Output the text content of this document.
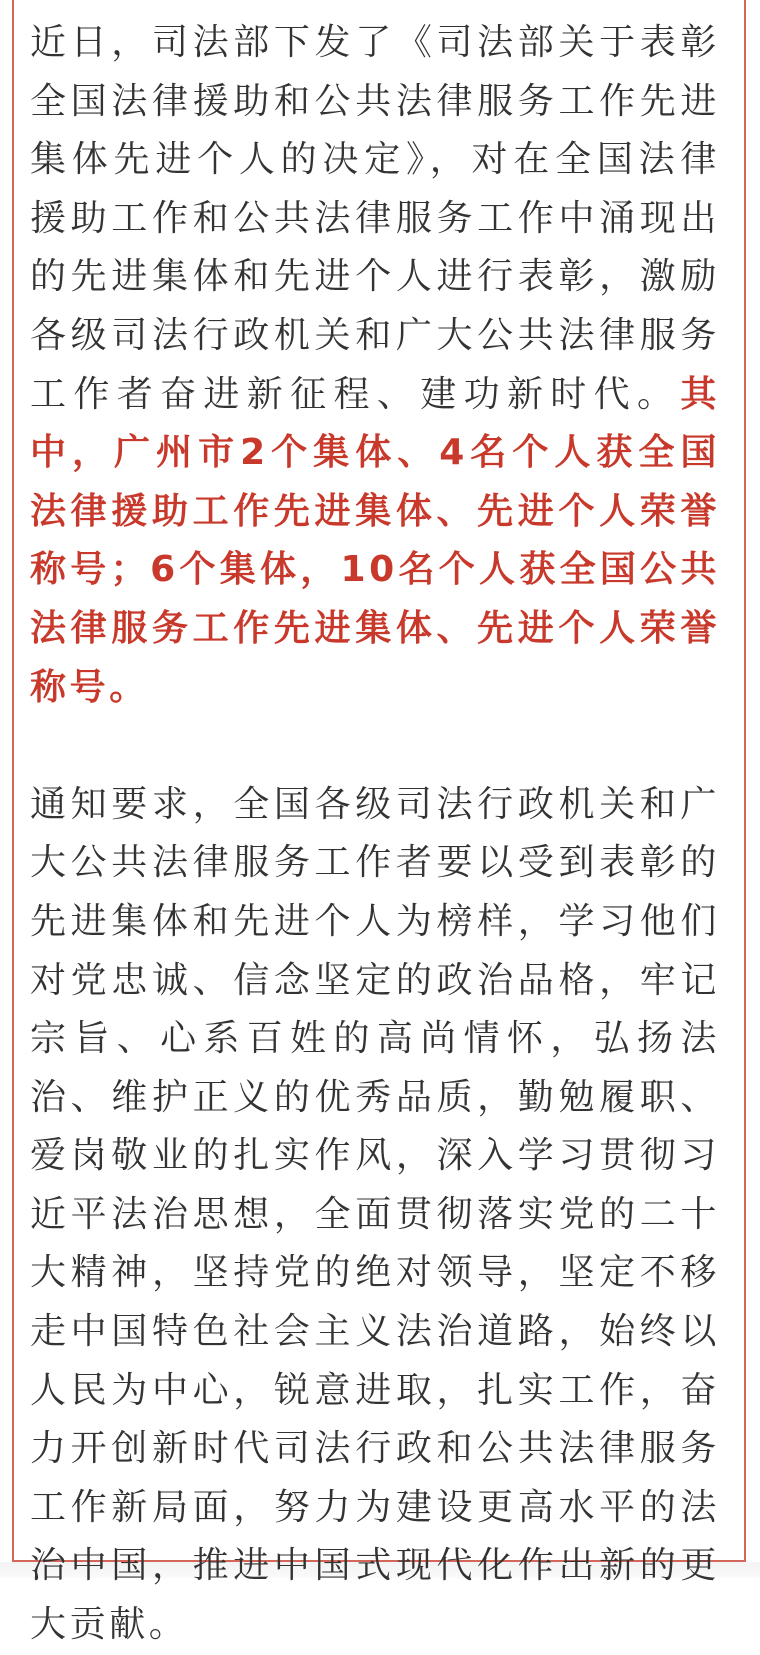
近日，司法部下发了《司法部关于表彰全国法律援助和公共法律服务工作先进集体先进个人的决定》，对在全国法律援助工作和公共法律服务工作中涌现出的先进集体和先进个人进行表彰，激励各级司法行政机关和广大公共法律服务工作者奋进新征程、建功新时代。其中，广州市2个集体、4名个人获全国法律援助工作先进集体、先进个人荣誉称号；6个集体，10名个人获全国公共法律服务工作先进集体、先进个人荣誉称号。

通知要求，全国各级司法行政机关和广大公共法律服务工作者要以受到表彰的先进集体和先进个人为榜样，学习他们对党忠诚、信念坚定的政治品格，牢记宗旨、心系百姓的高尚情怀，弘扬法治、维护正义的优秀品质，勤勉履职、爱岗敬业的扎实作风，深入学习贯彻习近平法治思想，全面贯彻落实党的二十大精神，坚持党的绝对领导，坚定不移走中国特色社会主义法治道路，始终以人民为中心，锐意进取，扎实工作，奋力开创新时代司法行政和公共法律服务工作新局面，努力为建设更高水平的法治中国，推进中国式现代化作出新的更大贡献。
